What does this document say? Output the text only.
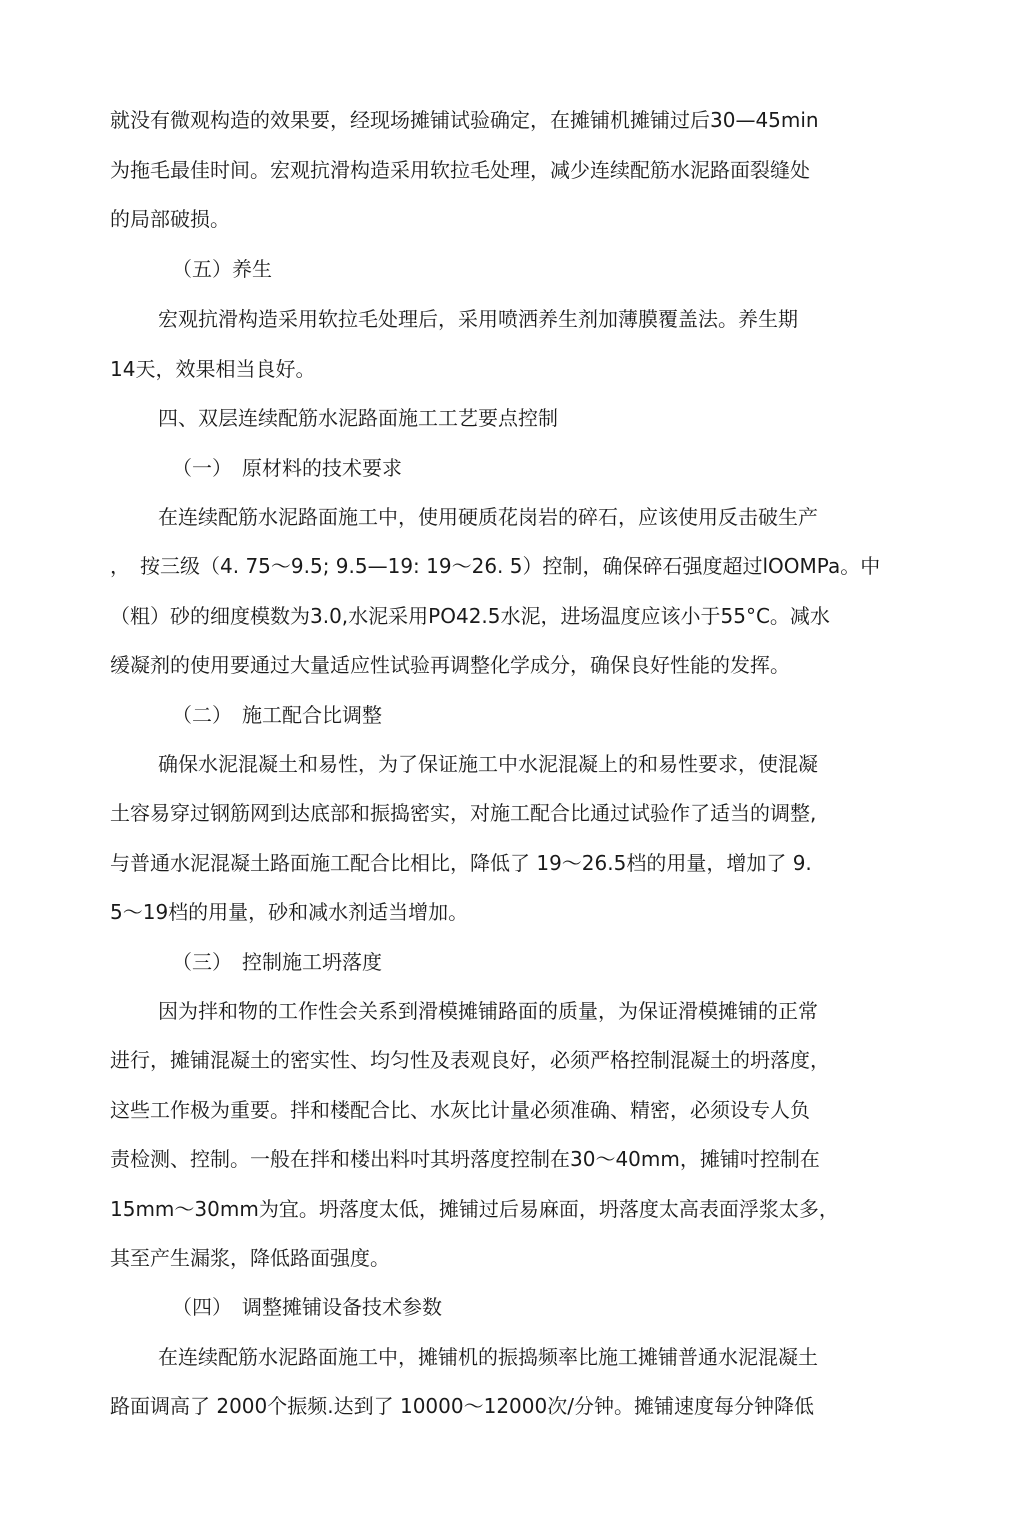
就没有微观构造的效果要，经现场摊铺试验确定，在摊铺机摊铺过后30—45min
为拖毛最佳时间。宏观抗滑构造采用软拉毛处理，减少连续配筋水泥路面裂缝处
的局部破损。
（五）养生
宏观抗滑构造采用软拉毛处理后，采用喷洒养生剂加薄膜覆盖法。养生期
14天，效果相当良好。
四、双层连续配筋水泥路面施工工艺要点控制
（一）　原材料的技术要求
在连续配筋水泥路面施工中，使用硬质花岗岩的碎石，应该使用反击破生产
，　按三级（4. 75～9.5; 9.5—19: 19～26. 5）控制，确保碎石强度超过lOOMPa。中
（粗）砂的细度模数为3.0,水泥采用PO42.5水泥，进场温度应该小于55°C。减水
缓凝剂的使用要通过大量适应性试验再调整化学成分，确保良好性能的发挥。
（二）　施工配合比调整
确保水泥混凝土和易性，为了保证施工中水泥混凝上的和易性要求，使混凝
土容易穿过钢筋网到达底部和振捣密实，对施工配合比通过试验作了适当的调整,
与普通水泥混凝土路面施工配合比相比，降低了 19～26.5档的用量，增加了 9.
5～19档的用量，砂和减水剂适当增加。
（三）　控制施工坍落度
因为拌和物的工作性会关系到滑模摊铺路面的质量，为保证滑模摊铺的正常
进行，摊铺混凝土的密实性、均匀性及表观良好，必须严格控制混凝土的坍落度，
这些工作极为重要。拌和楼配合比、水灰比计量必须准确、精密，必须设专人负
责检测、控制。一般在拌和楼出料吋其坍落度控制在30～40mm，摊铺吋控制在
15mm～30mm为宜。坍落度太低，摊铺过后易麻面，坍落度太高表面浮浆太多，
其至产生漏浆，降低路面强度。
（四）　调整摊铺设备技术参数
在连续配筋水泥路面施工中，摊铺机的振捣频率比施工摊铺普通水泥混凝土
路面调高了 2000个振频.达到了 10000～12000次/分钟。摊铺速度每分钟降低
